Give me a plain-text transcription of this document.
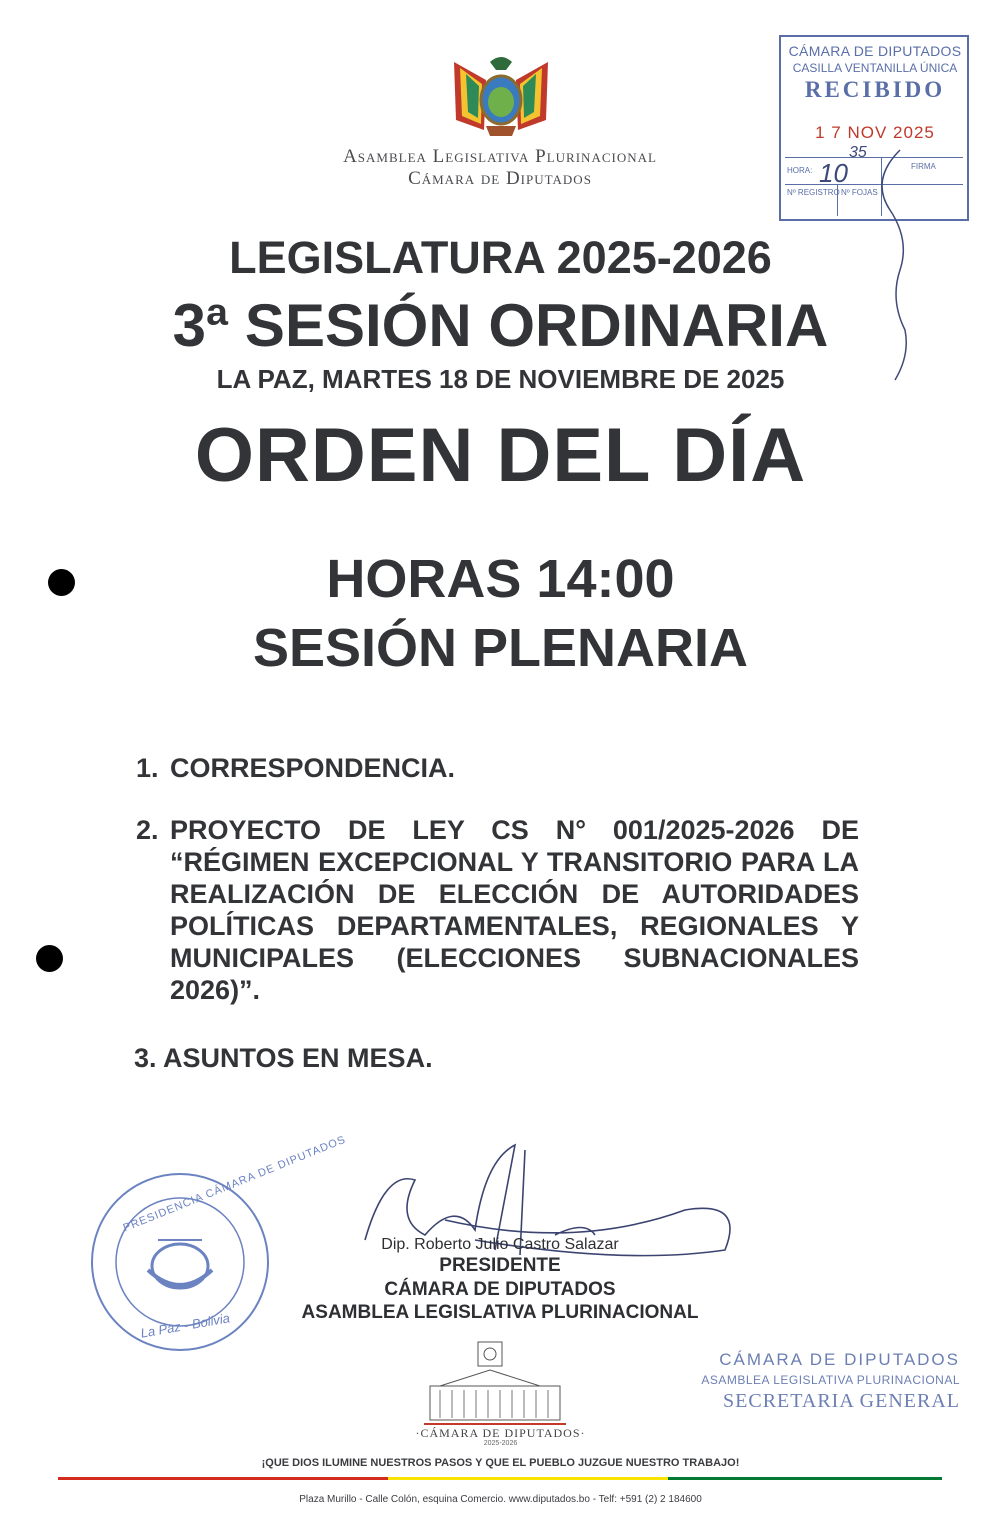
Asamblea Legislativa Plurinacional
Cámara de Diputados
CÁMARA DE DIPUTADOS
CASILLA VENTANILLA ÚNICA
RECIBIDO
1 7 NOV 2025
HORA: 10
35
FIRMA
Nº REGISTRO Nº FOJAS
LEGISLATURA 2025-2026
3ª SESIÓN ORDINARIA
LA PAZ, MARTES 18 DE NOVIEMBRE DE 2025
ORDEN DEL DÍA
HORAS 14:00
SESIÓN PLENARIA
1. CORRESPONDENCIA.
2. PROYECTO DE LEY CS N° 001/2025-2026 DE “RÉGIMEN EXCEPCIONAL Y TRANSITORIO PARA LA REALIZACIÓN DE ELECCIÓN DE AUTORIDADES POLÍTICAS DEPARTAMENTALES, REGIONALES Y MUNICIPALES (ELECCIONES SUBNACIONALES 2026)”.
3. ASUNTOS EN MESA.
La Paz - Bolivia
PRESIDENCIA CÁMARA DE DIPUTADOS
Dip. Roberto Julio Castro Salazar
PRESIDENTE
CÁMARA DE DIPUTADOS
ASAMBLEA LEGISLATIVA PLURINACIONAL
CÁMARA DE DIPUTADOS
ASAMBLEA LEGISLATIVA PLURINACIONAL
SECRETARIA GENERAL
·CÁMARA DE DIPUTADOS·
2025-2026
¡QUE DIOS ILUMINE NUESTROS PASOS Y QUE EL PUEBLO JUZGUE NUESTRO TRABAJO!
Plaza Murillo - Calle Colón, esquina Comercio. www.diputados.bo - Telf: +591 (2) 2 184600
